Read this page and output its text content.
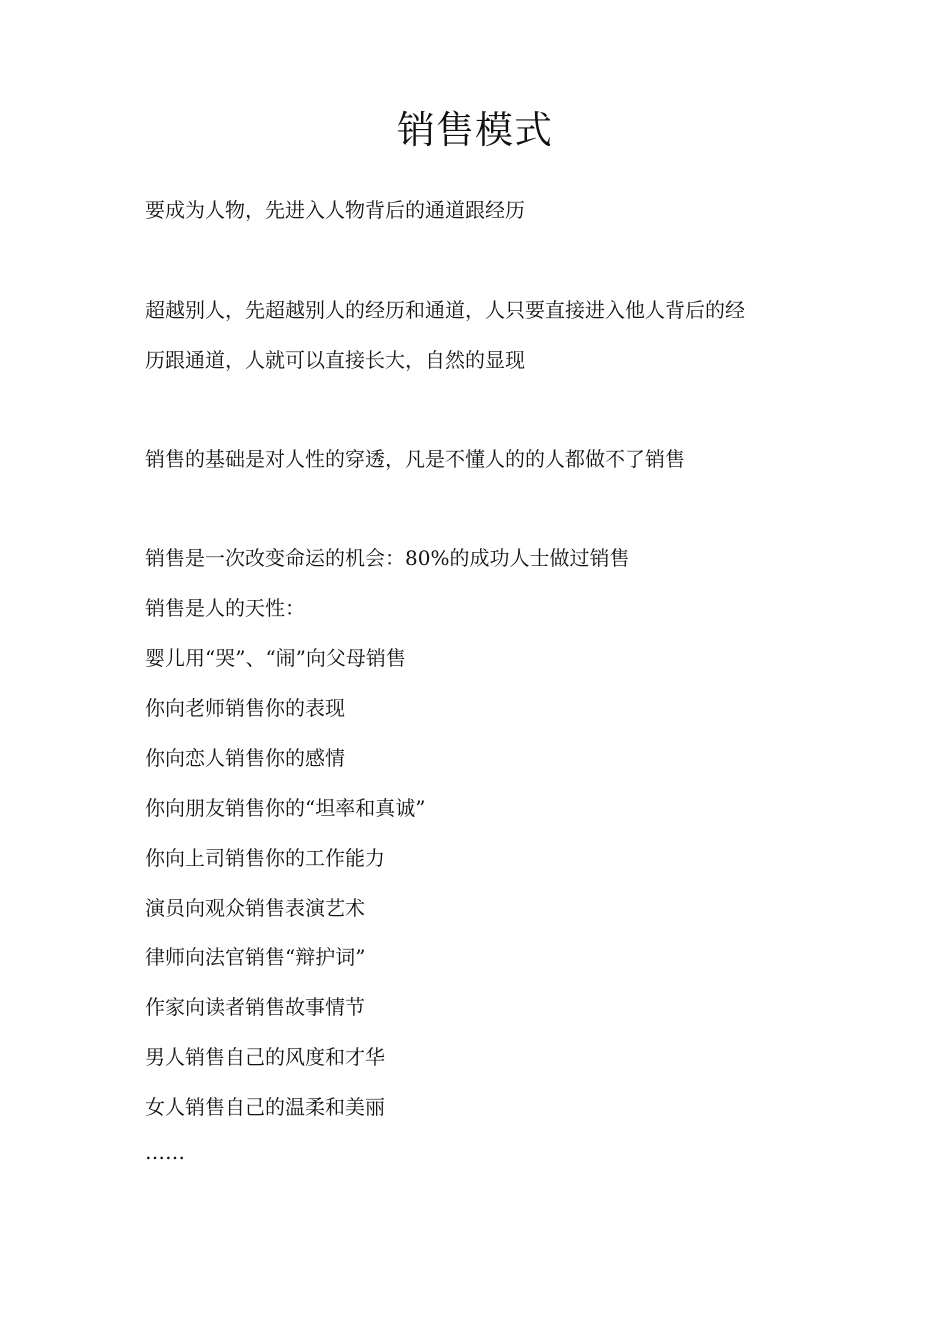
销售模式
要成为人物，先进入人物背后的通道跟经历
超越别人，先超越别人的经历和通道，人只要直接进入他人背后的经
历跟通道，人就可以直接长大，自然的显现
销售的基础是对人性的穿透，凡是不懂人的的人都做不了销售
销售是一次改变命运的机会：80%的成功人士做过销售
销售是人的天性：
婴儿用“哭”、“闹”向父母销售
你向老师销售你的表现
你向恋人销售你的感情
你向朋友销售你的“坦率和真诚”
你向上司销售你的工作能力
演员向观众销售表演艺术
律师向法官销售“辩护词”
作家向读者销售故事情节
男人销售自己的风度和才华
女人销售自己的温柔和美丽
……
